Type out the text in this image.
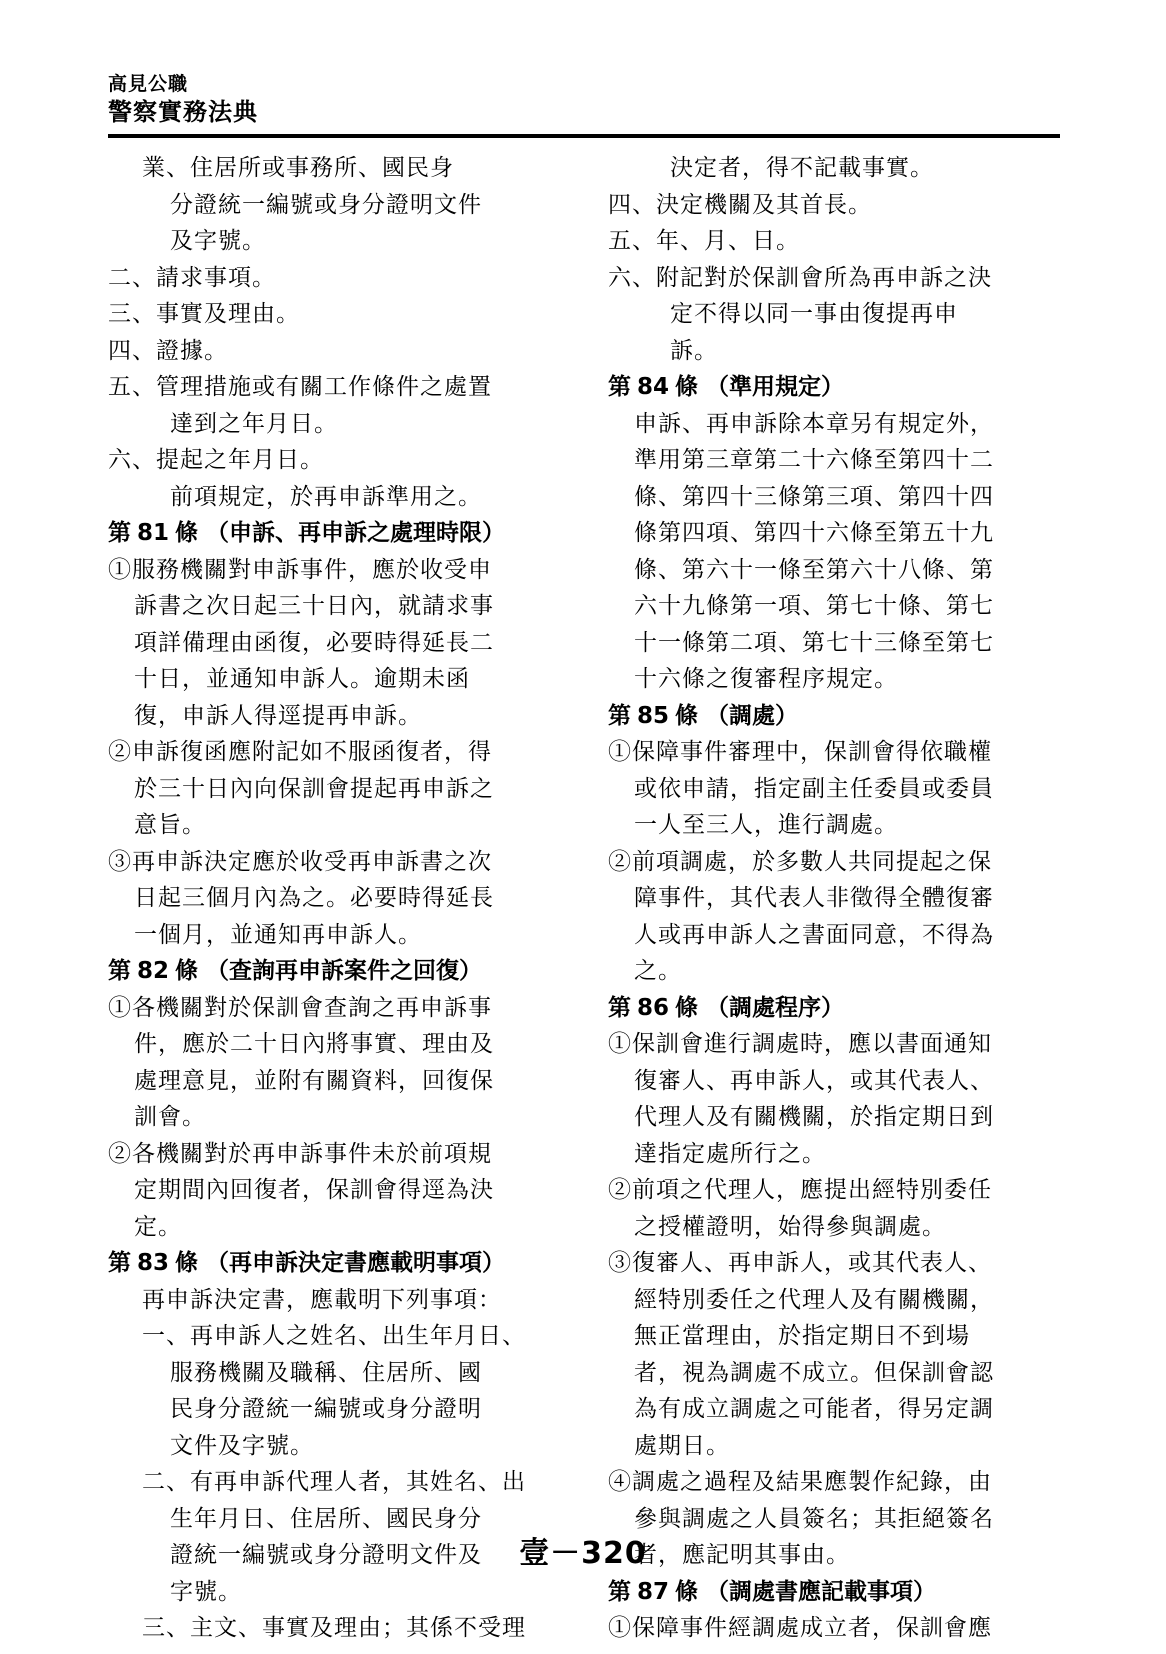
高見公職
警察實務法典
業、住居所或事務所、國民身
分證統一編號或身分證明文件
及字號。
二、請求事項。
三、事實及理由。
四、證據。
五、管理措施或有關工作條件之處置
達到之年月日。
六、提起之年月日。
前項規定，於再申訴準用之。
第 81 條 （申訴、再申訴之處理時限）
①服務機關對申訴事件，應於收受申
訴書之次日起三十日內，就請求事
項詳備理由函復，必要時得延長二
十日，並通知申訴人。逾期未函
復，申訴人得逕提再申訴。
②申訴復函應附記如不服函復者，得
於三十日內向保訓會提起再申訴之
意旨。
③再申訴決定應於收受再申訴書之次
日起三個月內為之。必要時得延長
一個月，並通知再申訴人。
第 82 條 （查詢再申訴案件之回復）
①各機關對於保訓會查詢之再申訴事
件，應於二十日內將事實、理由及
處理意見，並附有關資料，回復保
訓會。
②各機關對於再申訴事件未於前項規
定期間內回復者，保訓會得逕為決
定。
第 83 條 （再申訴決定書應載明事項）
再申訴決定書，應載明下列事項：
一、再申訴人之姓名、出生年月日、
服務機關及職稱、住居所、國
民身分證統一編號或身分證明
文件及字號。
二、有再申訴代理人者，其姓名、出
生年月日、住居所、國民身分
證統一編號或身分證明文件及
字號。
三、主文、事實及理由；其係不受理
決定者，得不記載事實。
四、決定機關及其首長。
五、年、月、日。
六、附記對於保訓會所為再申訴之決
定不得以同一事由復提再申
訴。
第 84 條 （準用規定）
申訴、再申訴除本章另有規定外，
準用第三章第二十六條至第四十二
條、第四十三條第三項、第四十四
條第四項、第四十六條至第五十九
條、第六十一條至第六十八條、第
六十九條第一項、第七十條、第七
十一條第二項、第七十三條至第七
十六條之復審程序規定。
第 85 條 （調處）
①保障事件審理中，保訓會得依職權
或依申請，指定副主任委員或委員
一人至三人，進行調處。
②前項調處，於多數人共同提起之保
障事件，其代表人非徵得全體復審
人或再申訴人之書面同意，不得為
之。
第 86 條 （調處程序）
①保訓會進行調處時，應以書面通知
復審人、再申訴人，或其代表人、
代理人及有關機關，於指定期日到
達指定處所行之。
②前項之代理人，應提出經特別委任
之授權證明，始得參與調處。
③復審人、再申訴人，或其代表人、
經特別委任之代理人及有關機關，
無正當理由，於指定期日不到場
者，視為調處不成立。但保訓會認
為有成立調處之可能者，得另定調
處期日。
④調處之過程及結果應製作紀錄，由
參與調處之人員簽名；其拒絕簽名
者，應記明其事由。
第 87 條 （調處書應記載事項）
①保障事件經調處成立者，保訓會應
壹－320
